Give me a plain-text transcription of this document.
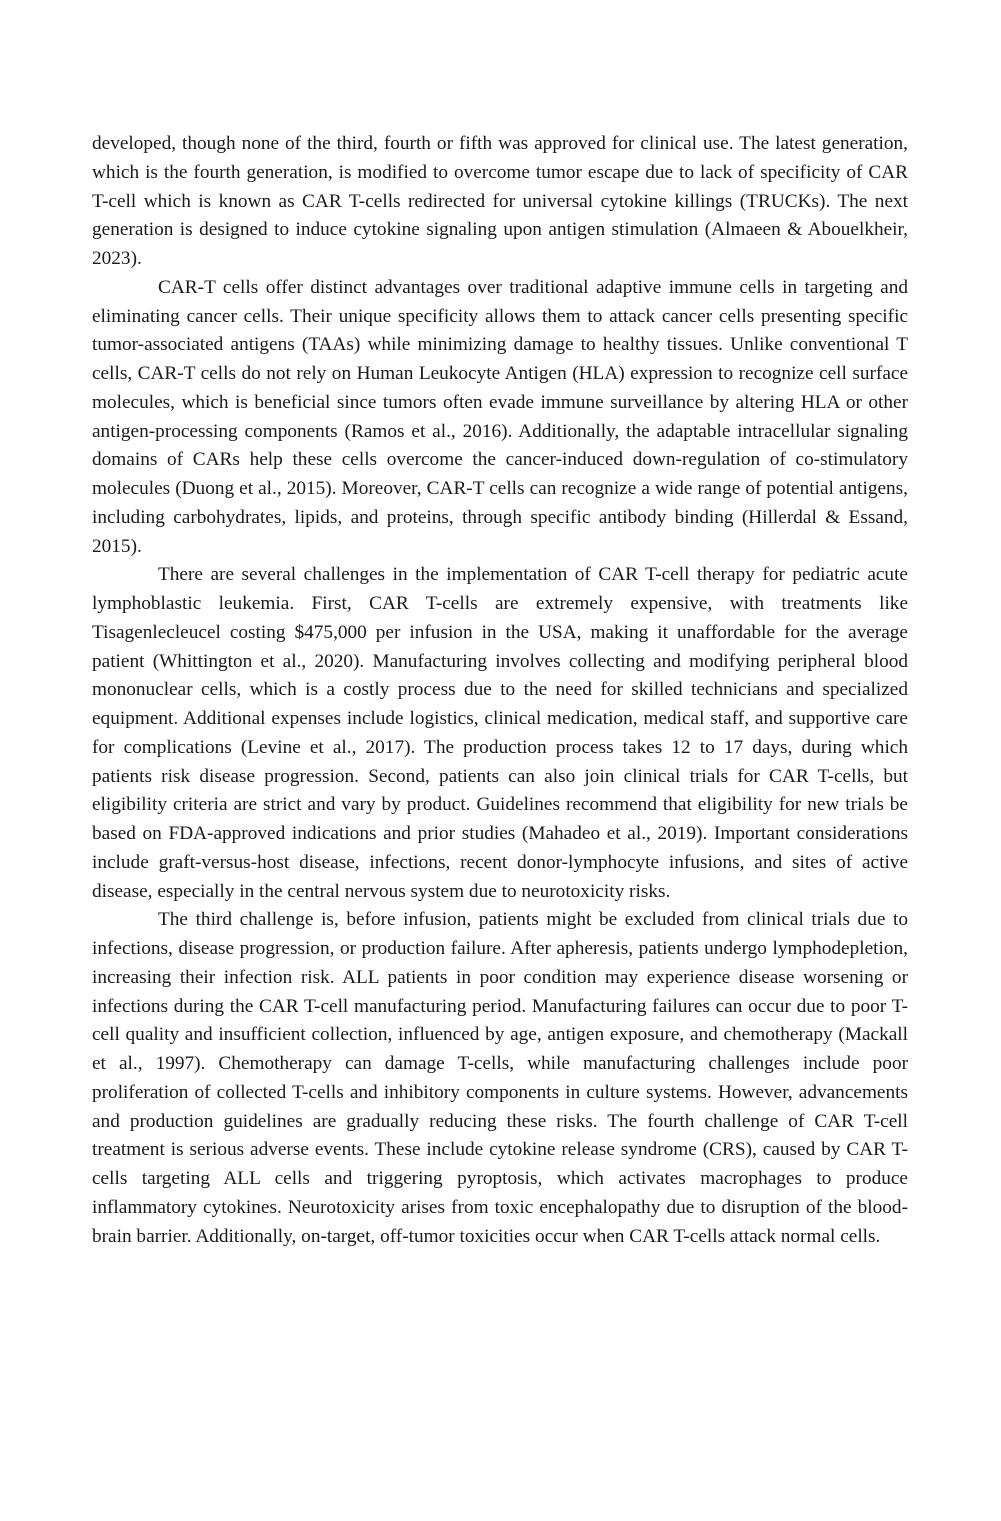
developed, though none of the third, fourth or fifth was approved for clinical use. The latest generation, which is the fourth generation, is modified to overcome tumor escape due to lack of specificity of CAR T-cell which is known as CAR T-cells redirected for universal cytokine killings (TRUCKs). The next generation is designed to induce cytokine signaling upon antigen stimulation (Almaeen & Abouelkheir, 2023).

CAR-T cells offer distinct advantages over traditional adaptive immune cells in targeting and eliminating cancer cells. Their unique specificity allows them to attack cancer cells presenting specific tumor-associated antigens (TAAs) while minimizing damage to healthy tissues. Unlike conventional T cells, CAR-T cells do not rely on Human Leukocyte Antigen (HLA) expression to recognize cell surface molecules, which is beneficial since tumors often evade immune surveillance by altering HLA or other antigen-processing components (Ramos et al., 2016). Additionally, the adaptable intracellular signaling domains of CARs help these cells overcome the cancer-induced down-regulation of co-stimulatory molecules (Duong et al., 2015). Moreover, CAR-T cells can recognize a wide range of potential antigens, including carbohydrates, lipids, and proteins, through specific antibody binding (Hillerdal & Essand, 2015).

There are several challenges in the implementation of CAR T-cell therapy for pediatric acute lymphoblastic leukemia. First, CAR T-cells are extremely expensive, with treatments like Tisagenlecleucel costing $475,000 per infusion in the USA, making it unaffordable for the average patient (Whittington et al., 2020). Manufacturing involves collecting and modifying peripheral blood mononuclear cells, which is a costly process due to the need for skilled technicians and specialized equipment. Additional expenses include logistics, clinical medication, medical staff, and supportive care for complications (Levine et al., 2017). The production process takes 12 to 17 days, during which patients risk disease progression. Second, patients can also join clinical trials for CAR T-cells, but eligibility criteria are strict and vary by product. Guidelines recommend that eligibility for new trials be based on FDA-approved indications and prior studies (Mahadeo et al., 2019). Important considerations include graft-versus-host disease, infections, recent donor-lymphocyte infusions, and sites of active disease, especially in the central nervous system due to neurotoxicity risks.

The third challenge is, before infusion, patients might be excluded from clinical trials due to infections, disease progression, or production failure. After apheresis, patients undergo lymphodepletion, increasing their infection risk. ALL patients in poor condition may experience disease worsening or infections during the CAR T-cell manufacturing period. Manufacturing failures can occur due to poor T-cell quality and insufficient collection, influenced by age, antigen exposure, and chemotherapy (Mackall et al., 1997). Chemotherapy can damage T-cells, while manufacturing challenges include poor proliferation of collected T-cells and inhibitory components in culture systems. However, advancements and production guidelines are gradually reducing these risks. The fourth challenge of CAR T-cell treatment is serious adverse events. These include cytokine release syndrome (CRS), caused by CAR T-cells targeting ALL cells and triggering pyroptosis, which activates macrophages to produce inflammatory cytokines. Neurotoxicity arises from toxic encephalopathy due to disruption of the blood-brain barrier. Additionally, on-target, off-tumor toxicities occur when CAR T-cells attack normal cells.
